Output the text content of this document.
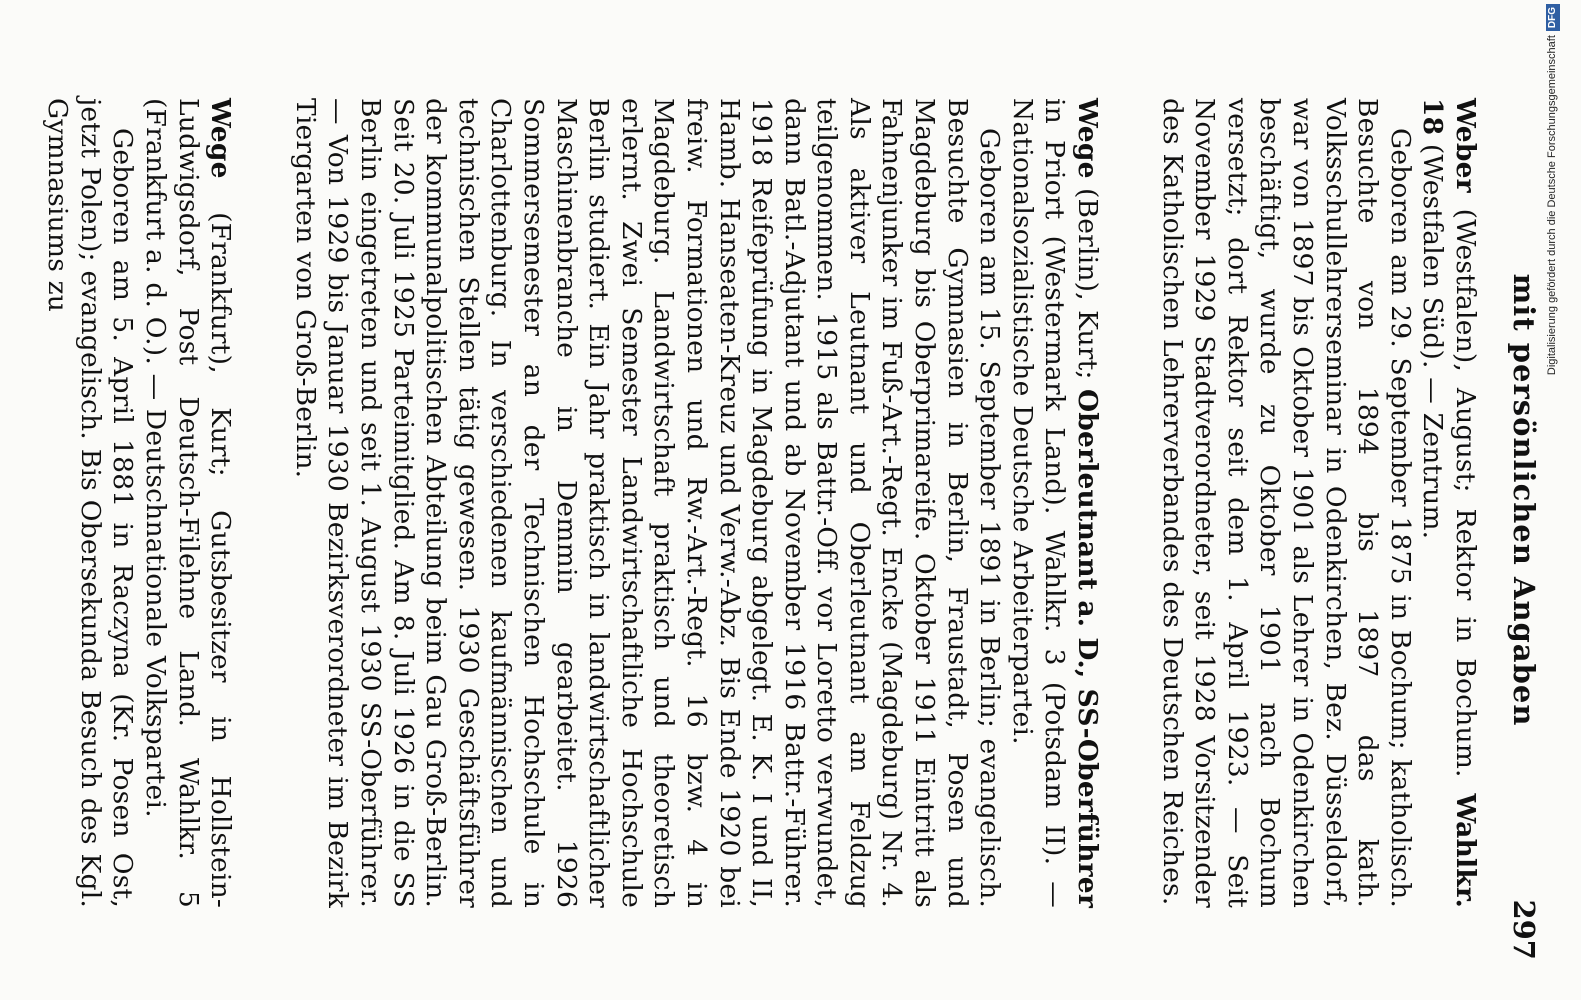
mit persönlichen Angaben
297

Weber (Westfalen), August; Rektor in Bochum. Wahlkr. 18 (Westfalen Süd). — Zentrum.

Geboren am 29. September 1875 in Bochum; katholisch. Besuchte von 1894 bis 1897 das kath. Volksschullehrerseminar in Odenkirchen, Bez. Düsseldorf, war von 1897 bis Oktober 1901 als Lehrer in Odenkirchen beschäftigt, wurde zu Oktober 1901 nach Bochum versetzt; dort Rektor seit dem 1. April 1923. — Seit November 1929 Stadtverordneter, seit 1928 Vorsitzender des Katholischen Lehrerverbandes des Deutschen Reiches.

Wege (Berlin), Kurt; Oberleutnant a. D., SS-Oberführer in Priort (Westermark Land). Wahlkr. 3 (Potsdam II). — Nationalsozialistische Deutsche Arbeiterpartei.

Geboren am 15. September 1891 in Berlin; evangelisch. Besuchte Gymnasien in Berlin, Fraustadt, Posen und Magdeburg bis Oberprimareife. Oktober 1911 Eintritt als Fahnenjunker im Fuß-Art.-Regt. Encke (Magdeburg) Nr. 4. Als aktiver Leutnant und Oberleutnant am Feldzug teilgenommen. 1915 als Battr.-Off. vor Loretto verwundet, dann Batl.-Adjutant und ab November 1916 Battr.-Führer. 1918 Reifeprüfung in Magdeburg abgelegt. E. K. I und II, Hamb. Hanseaten-Kreuz und Verw.-Abz. Bis Ende 1920 bei freiw. Formationen und Rw.-Art.-Regt. 16 bzw. 4 in Magdeburg. Landwirtschaft praktisch und theoretisch erlernt. Zwei Semester Landwirtschaftliche Hochschule Berlin studiert. Ein Jahr praktisch in landwirtschaftlicher Maschinenbranche in Demmin gearbeitet. 1926 Sommersemester an der Technischen Hochschule in Charlottenburg. In verschiedenen kaufmännischen und technischen Stellen tätig gewesen. 1930 Geschäftsführer der kommunalpolitischen Abteilung beim Gau Groß-Berlin. Seit 20. Juli 1925 Parteimitglied. Am 8. Juli 1926 in die SS Berlin eingetreten und seit 1. August 1930 SS-Oberführer. — Von 1929 bis Januar 1930 Bezirksverordneter im Bezirk Tiergarten von Groß-Berlin.

Wege (Frankfurt), Kurt; Gutsbesitzer in Hollstein-Ludwigsdorf, Post Deutsch-Filehne Land. Wahlkr. 5 (Frankfurt a. d. O.). — Deutschnationale Volkspartei.

Geboren am 5. April 1881 in Raczyna (Kr. Posen Ost, jetzt Polen); evangelisch. Bis Obersekunda Besuch des Kgl. Gymnasiums zu	Digitalisierung gefördert durch die Deutsche ForschungsgemeinschaftDFG
